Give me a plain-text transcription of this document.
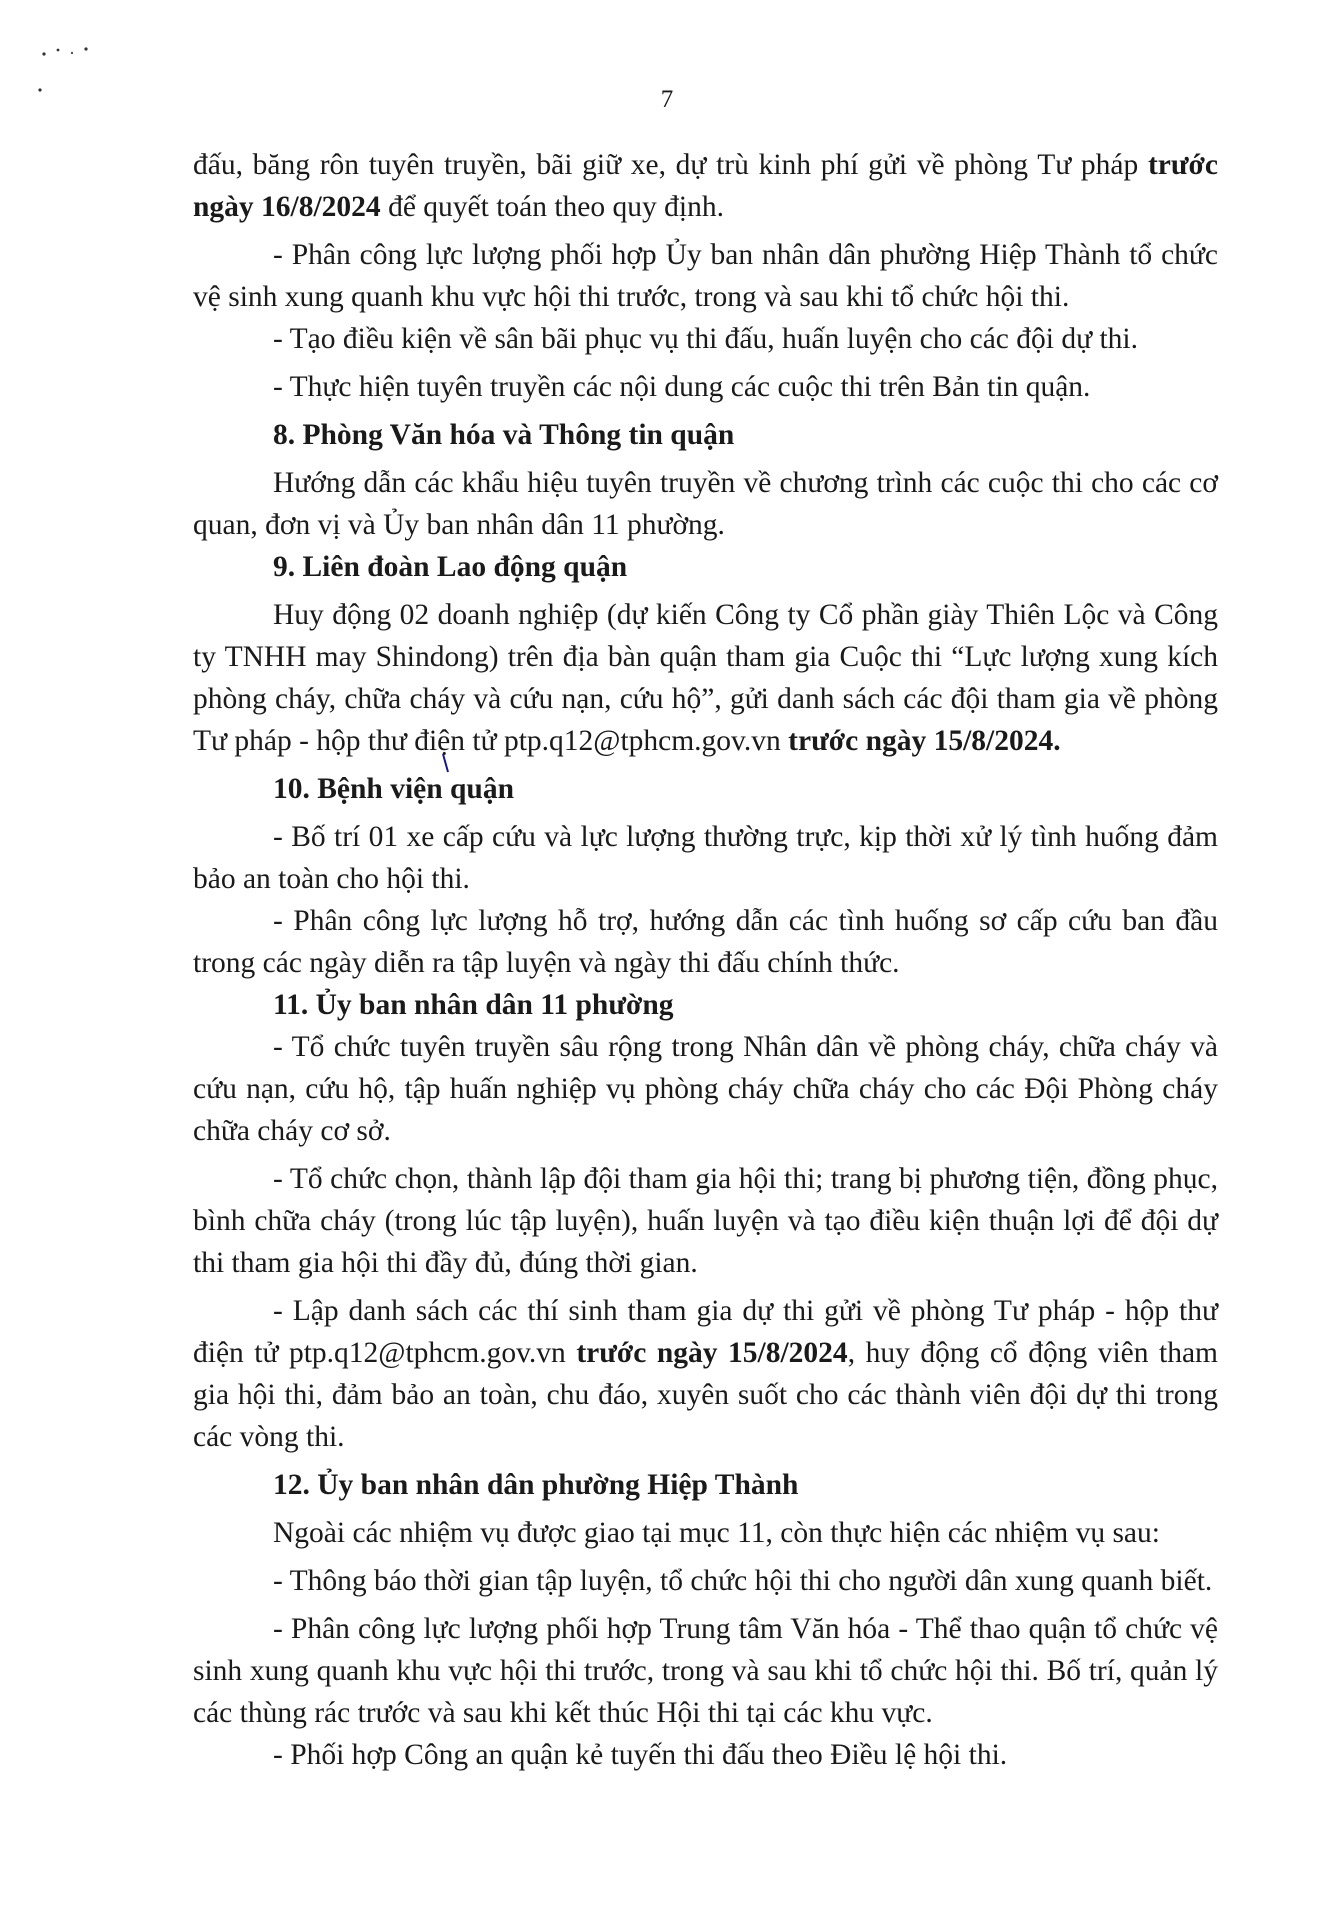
7

đấu, băng rôn tuyên truyền, bãi giữ xe, dự trù kinh phí gửi về phòng Tư pháp trước ngày 16/8/2024 để quyết toán theo quy định.

- Phân công lực lượng phối hợp Ủy ban nhân dân phường Hiệp Thành tổ chức vệ sinh xung quanh khu vực hội thi trước, trong và sau khi tổ chức hội thi.

- Tạo điều kiện về sân bãi phục vụ thi đấu, huấn luyện cho các đội dự thi.

- Thực hiện tuyên truyền các nội dung các cuộc thi trên Bản tin quận.

8. Phòng Văn hóa và Thông tin quận

Hướng dẫn các khẩu hiệu tuyên truyền về chương trình các cuộc thi cho các cơ quan, đơn vị và Ủy ban nhân dân 11 phường.

9. Liên đoàn Lao động quận

Huy động 02 doanh nghiệp (dự kiến Công ty Cổ phần giày Thiên Lộc và Công ty TNHH may Shindong) trên địa bàn quận tham gia Cuộc thi “Lực lượng xung kích phòng cháy, chữa cháy và cứu nạn, cứu hộ”, gửi danh sách các đội tham gia về phòng Tư pháp - hộp thư điện tử ptp.q12@tphcm.gov.vn trước ngày 15/8/2024.

10. Bệnh viện quận

- Bố trí 01 xe cấp cứu và lực lượng thường trực, kịp thời xử lý tình huống đảm bảo an toàn cho hội thi.

- Phân công lực lượng hỗ trợ, hướng dẫn các tình huống sơ cấp cứu ban đầu trong các ngày diễn ra tập luyện và ngày thi đấu chính thức.

11. Ủy ban nhân dân 11 phường

- Tổ chức tuyên truyền sâu rộng trong Nhân dân về phòng cháy, chữa cháy và cứu nạn, cứu hộ, tập huấn nghiệp vụ phòng cháy chữa cháy cho các Đội Phòng cháy chữa cháy cơ sở.

- Tổ chức chọn, thành lập đội tham gia hội thi; trang bị phương tiện, đồng phục, bình chữa cháy (trong lúc tập luyện), huấn luyện và tạo điều kiện thuận lợi để đội dự thi tham gia hội thi đầy đủ, đúng thời gian.

- Lập danh sách các thí sinh tham gia dự thi gửi về phòng Tư pháp - hộp thư điện tử ptp.q12@tphcm.gov.vn trước ngày 15/8/2024, huy động cổ động viên tham gia hội thi, đảm bảo an toàn, chu đáo, xuyên suốt cho các thành viên đội dự thi trong các vòng thi.

12. Ủy ban nhân dân phường Hiệp Thành

Ngoài các nhiệm vụ được giao tại mục 11, còn thực hiện các nhiệm vụ sau:

- Thông báo thời gian tập luyện, tổ chức hội thi cho người dân xung quanh biết.

- Phân công lực lượng phối hợp Trung tâm Văn hóa - Thể thao quận tổ chức vệ sinh xung quanh khu vực hội thi trước, trong và sau khi tổ chức hội thi. Bố trí, quản lý các thùng rác trước và sau khi kết thúc Hội thi tại các khu vực.

- Phối hợp Công an quận kẻ tuyến thi đấu theo Điều lệ hội thi.
